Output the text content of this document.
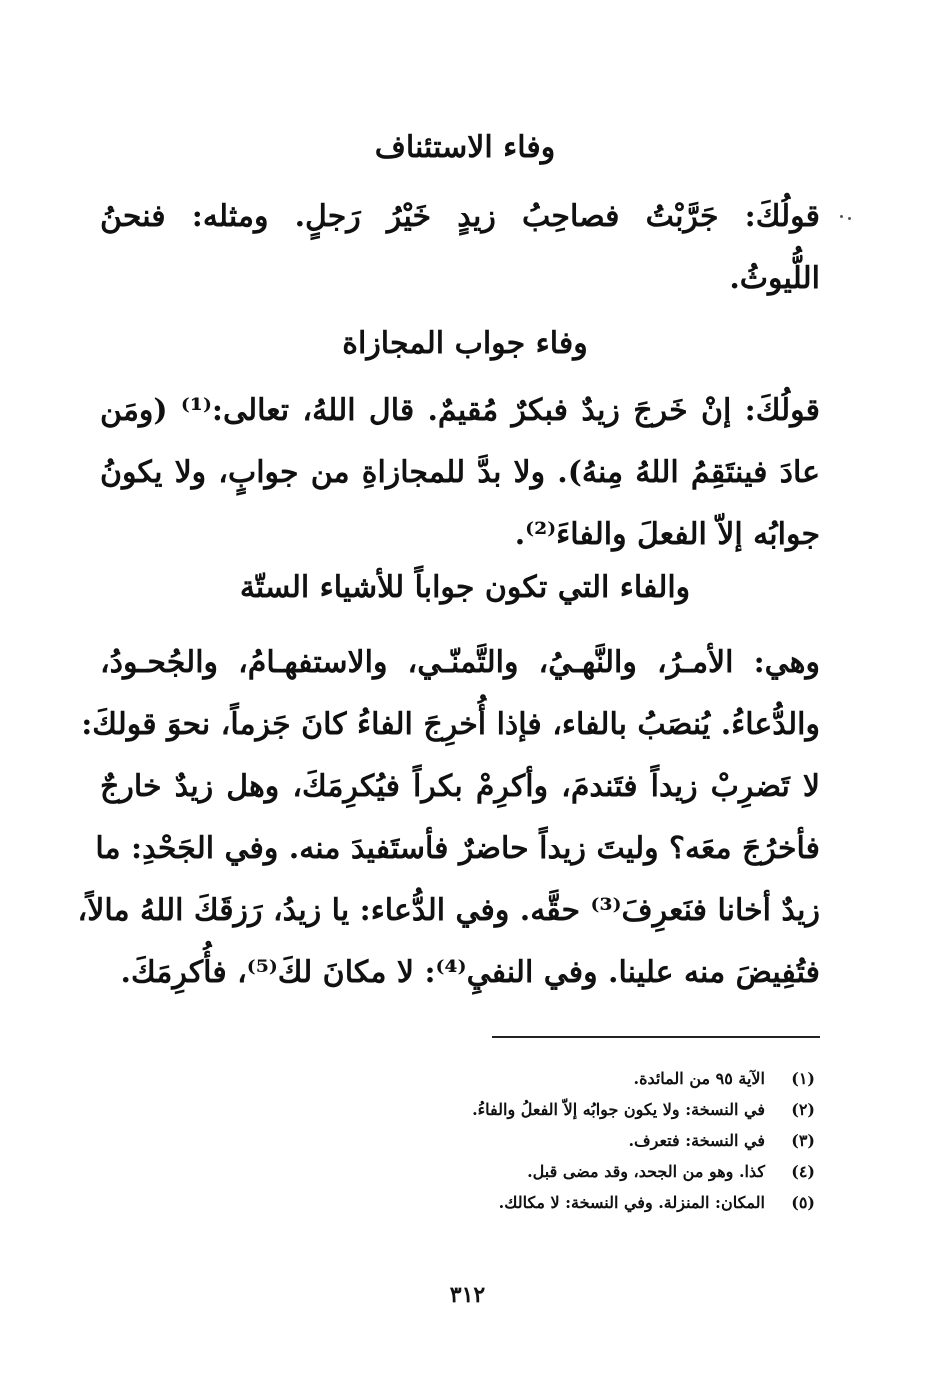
وفاء الاستئناف
قولُكَ: جَرَّبْتُ فصاحِبُ زيدٍ خَيْرُ رَجلٍ. ومثله: فنحنُ
اللُّيوثُ.
وفاء جواب المجازاة
قولُكَ: إنْ خَرجَ زيدٌ فبكرٌ مُقيمٌ. قال اللهُ، تعالى:⁽¹⁾ (ومَن
عادَ فينتَقِمُ اللهُ مِنهُ). ولا بدَّ للمجازاةِ من جوابٍ، ولا يكونُ
جوابُه إلاّ الفعلَ والفاءَ⁽²⁾.
والفاء التي تكون جواباً للأشياء الستّة
وهي: الأمـرُ، والنَّهـيُ، والتَّمنّـي، والاستفهـامُ، والجُحـودُ،
والدُّعاءُ. يُنصَبُ بالفاء، فإذا أُخرِجَ الفاءُ كانَ جَزماً، نحوَ قولكَ:
لا تَضرِبْ زيداً فتَندمَ، وأكرِمْ بكراً فيُكرِمَكَ، وهل زيدٌ خارجٌ
فأخرُجَ معَه؟ وليتَ زيداً حاضرٌ فأستَفيدَ منه. وفي الجَحْدِ: ما
زيدٌ أخانا فنَعرِفَ⁽³⁾ حقَّه. وفي الدُّعاء: يا زيدُ، رَزقَكَ اللهُ مالاً،
فتُفِيضَ منه علينا. وفي النفيِ⁽⁴⁾: لا مكانَ لكَ⁽⁵⁾، فأُكرِمَكَ.
(١)
الآية ٩٥ من المائدة.
(٢)
في النسخة: ولا يكون جوابُه إلاّ الفعلُ والفاءُ.
(٣)
في النسخة: فتعرف.
(٤)
كذا. وهو من الجحد، وقد مضى قبل.
(٥)
المكان: المنزلة. وفي النسخة: لا مكالك.
٣١٢
